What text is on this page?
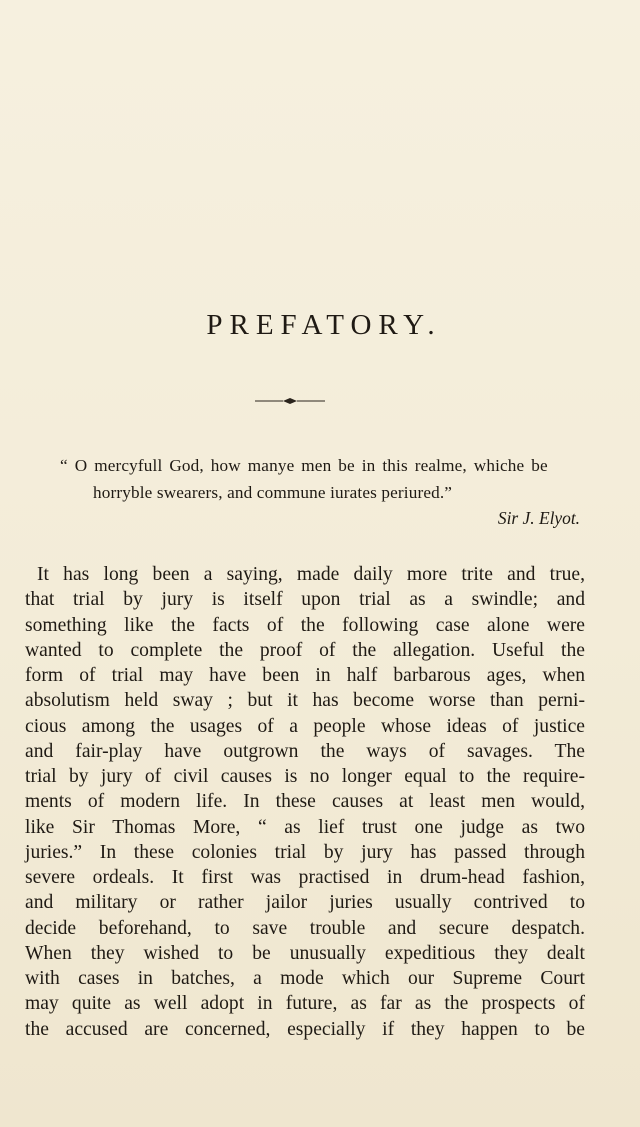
PREFATORY.

“ O mercyfull God, how manye men be in this realme, whiche be
horryble swearers, and commune iurates periured.”

Sir J. Elyot.

It has long been a saying, made daily more trite and true,
that trial by jury is itself upon trial as a swindle; and
something like the facts of the following case alone were
wanted to complete the proof of the allegation. Useful the
form of trial may have been in half barbarous ages, when
absolutism held sway ; but it has become worse than perni-
cious among the usages of a people whose ideas of justice
and fair-play have outgrown the ways of savages. The
trial by jury of civil causes is no longer equal to the require-
ments of modern life. In these causes at least men would,
like Sir Thomas More, “ as lief trust one judge as two
juries.” In these colonies trial by jury has passed through
severe ordeals. It first was practised in drum-head fashion,
and military or rather jailor juries usually contrived to
decide beforehand, to save trouble and secure despatch.
When they wished to be unusually expeditious they dealt
with cases in batches, a mode which our Supreme Court
may quite as well adopt in future, as far as the prospects of
the accused are concerned, especially if they happen to be
